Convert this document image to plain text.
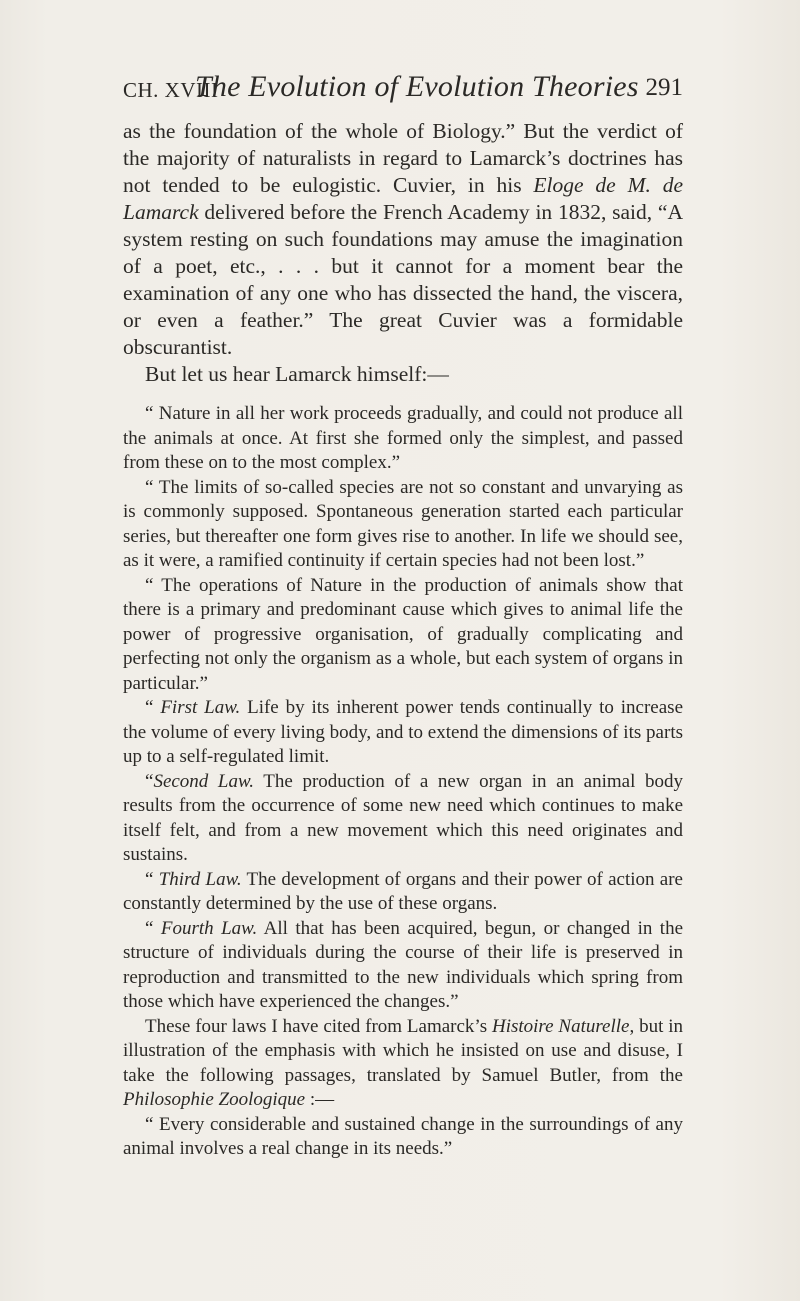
CH. XVIII
The Evolution of Evolution Theories 291

as the foundation of the whole of Biology.” But the verdict of the majority of naturalists in regard to Lamarck’s doctrines has not tended to be eulogistic. Cuvier, in his Eloge de M. de Lamarck delivered before the French Academy in 1832, said, “A system resting on such foundations may amuse the imagination of a poet, etc., . . . but it cannot for a moment bear the examination of any one who has dissected the hand, the viscera, or even a feather.” The great Cuvier was a formidable obscurantist.

But let us hear Lamarck himself:—

“ Nature in all her work proceeds gradually, and could not produce all the animals at once. At first she formed only the simplest, and passed from these on to the most complex.”

“ The limits of so-called species are not so constant and unvarying as is commonly supposed. Spontaneous generation started each particular series, but thereafter one form gives rise to another. In life we should see, as it were, a ramified continuity if certain species had not been lost.”

“ The operations of Nature in the production of animals show that there is a primary and predominant cause which gives to animal life the power of progressive organisation, of gradually complicating and perfecting not only the organism as a whole, but each system of organs in particular.”

“ First Law. Life by its inherent power tends continually to increase the volume of every living body, and to extend the dimensions of its parts up to a self-regulated limit.

“Second Law. The production of a new organ in an animal body results from the occurrence of some new need which continues to make itself felt, and from a new movement which this need originates and sustains.

“ Third Law. The development of organs and their power of action are constantly determined by the use of these organs.

“ Fourth Law. All that has been acquired, begun, or changed in the structure of individuals during the course of their life is preserved in reproduction and transmitted to the new individuals which spring from those which have experienced the changes.”

These four laws I have cited from Lamarck’s Histoire Naturelle, but in illustration of the emphasis with which he insisted on use and disuse, I take the following passages, translated by Samuel Butler, from the Philosophie Zoologique :—

“ Every considerable and sustained change in the surroundings of any animal involves a real change in its needs.”
